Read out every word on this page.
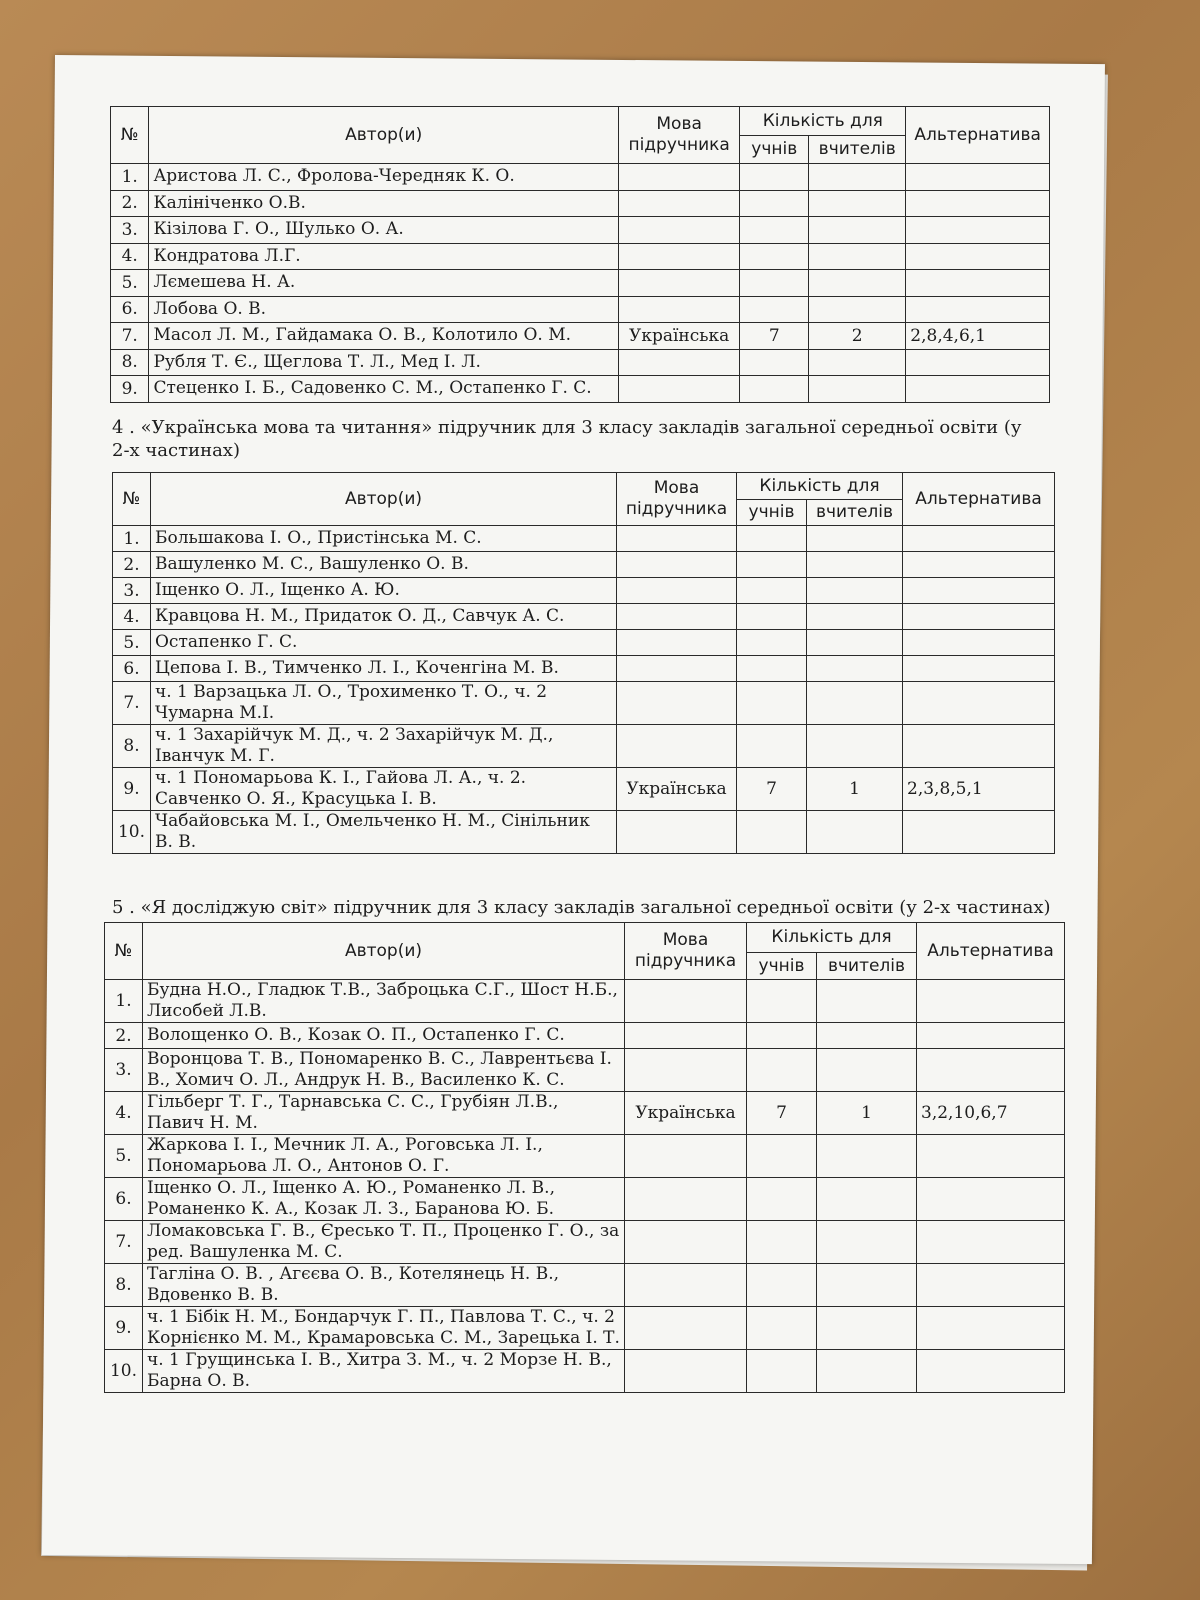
№	Автор(и)	Мова підручника	Кількість для		Альтернатива
			учнів	вчителів	
1.	Аристова Л. С., Фролова-Чередняк К. О.				
2.	Калініченко О.В.				
3.	Кізілова Г. О., Шулько О. А.				
4.	Кондратова Л.Г.				
5.	Лємешева Н. А.				
6.	Лобова О. В.				
7.	Масол Л. М., Гайдамака О. В., Колотило О. М.	Українська	7	2	2,8,4,6,1
8.	Рубля Т. Є., Щеглова Т. Л., Мед І. Л.				
9.	Стеценко І. Б., Садовенко С. М., Остапенко Г. С.				
4 . «Українська мова та читання» підручник для 3 класу закладів загальної середньої освіти (у 2-х частинах)
№	Автор(и)	Мова підручника	Кількість для		Альтернатива
			учнів	вчителів	
1.	Большакова І. О., Пристінська М. С.				
2.	Вашуленко М. С., Вашуленко О. В.				
3.	Іщенко О. Л., Іщенко А. Ю.				
4.	Кравцова Н. М., Придаток О. Д., Савчук А. С.				
5.	Остапенко Г. С.				
6.	Цепова І. В., Тимченко Л. І., Коченгіна М. В.				
7.	ч. 1 Варзацька Л. О., Трохименко Т. О., ч. 2 Чумарна М.І.				
8.	ч. 1 Захарійчук М. Д., ч. 2 Захарійчук М. Д., Іванчук М. Г.				
9.	ч. 1 Пономарьова К. І., Гайова Л. А., ч. 2. Савченко О. Я., Красуцька І. В.	Українська	7	1	2,3,8,5,1
10.	Чабайовська М. І., Омельченко Н. М., Сінільник В. В.				
5 . «Я досліджую світ» підручник для 3 класу закладів загальної середньої освіти (у 2-х частинах)
№	Автор(и)	Мова підручника	Кількість для		Альтернатива
			учнів	вчителів	
1.	Будна Н.О., Гладюк Т.В., Заброцька С.Г., Шост Н.Б., Лисобей Л.В.				
2.	Волощенко О. В., Козак О. П., Остапенко Г. С.				
3.	Воронцова Т. В., Пономаренко В. С., Лаврентьєва І. В., Хомич О. Л., Андрук Н. В., Василенко К. С.				
4.	Гільберг Т. Г., Тарнавська С. С., Грубіян Л.В., Павич Н. М.	Українська	7	1	3,2,10,6,7
5.	Жаркова І. І., Мечник Л. А., Роговська Л. І., Пономарьова Л. О., Антонов О. Г.				
6.	Іщенко О. Л., Іщенко А. Ю., Романенко Л. В., Романенко К. А., Козак Л. З., Баранова Ю. Б.				
7.	Ломаковська Г. В., Єресько Т. П., Проценко Г. О., за ред. Вашуленка М. С.				
8.	Тагліна О. В. , Агєєва О. В., Котелянець Н. В., Вдовенко В. В.				
9.	ч. 1 Бібік Н. М., Бондарчук Г. П., Павлова Т. С., ч. 2 Корнієнко М. М., Крамаровська С. М., Зарецька І. Т.				
10.	ч. 1 Грущинська І. В., Хитра З. М., ч. 2 Морзе Н. В., Барна О. В.				
